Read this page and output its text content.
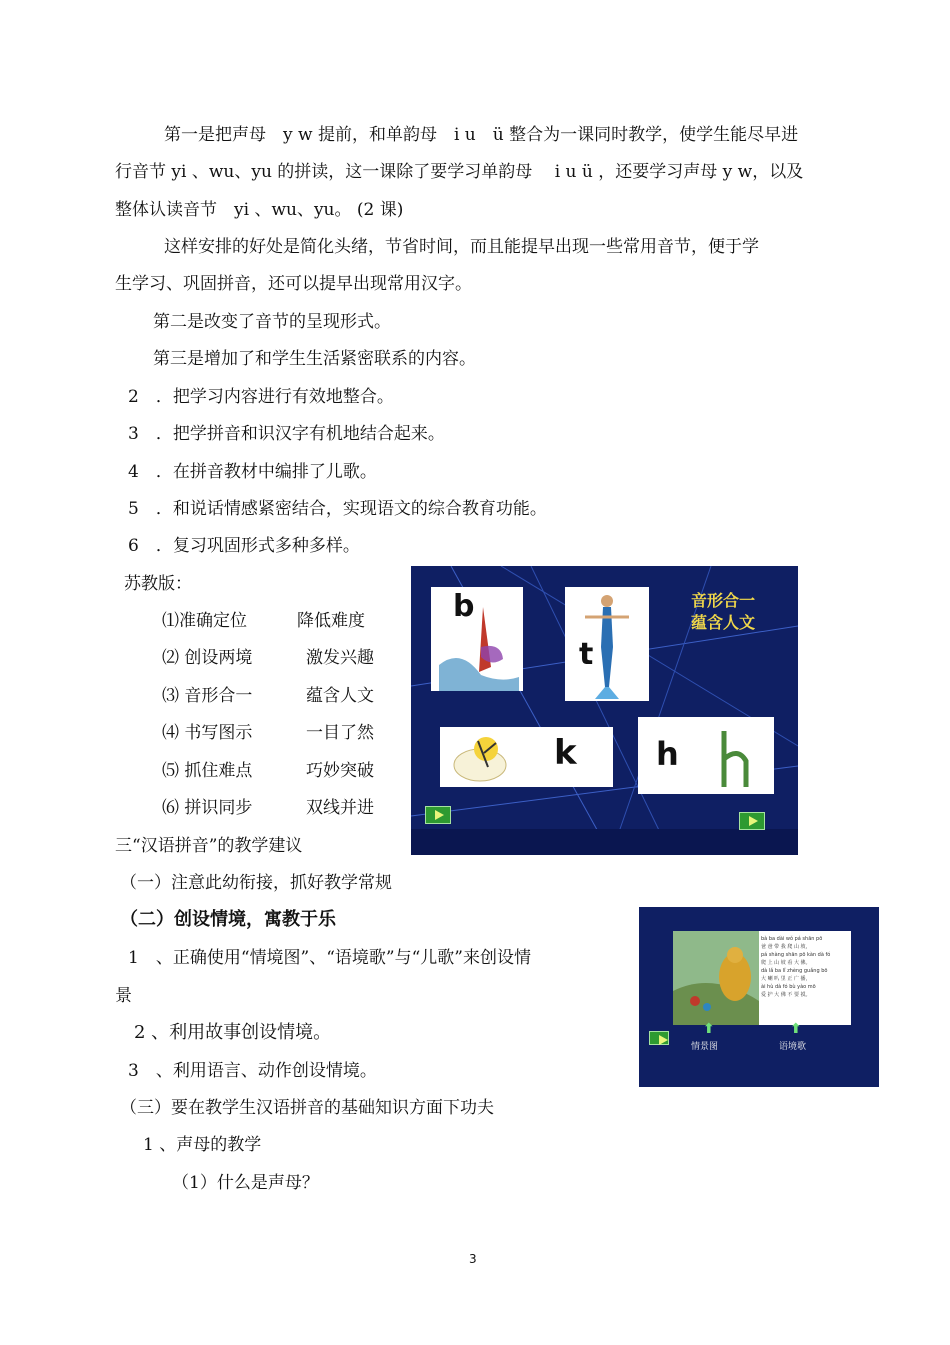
第一是把声母　y w 提前，和单韵母　i u　ü 整合为一课同时教学，使学生能尽早进
行音节 yi 、wu、yu 的拼读，这一课除了要学习单韵母　 i u ü ，还要学习声母 y w，以及
整体认读音节　yi 、wu、yu。 (2 课)
这样安排的好处是简化头绪，节省时间，而且能提早出现一些常用音节，便于学
生学习、巩固拼音，还可以提早出现常用汉字。
第二是改变了音节的呈现形式。
第三是增加了和学生生活紧密联系的内容。
2　．把学习内容进行有效地整合。
3　．把学拼音和识汉字有机地结合起来。
4　．在拼音教材中编排了儿歌。
5　．和说话情感紧密结合，实现语文的综合教育功能。
6　．复习巩固形式多种多样。
苏教版：
⑴准确定位	降低难度
⑵ 创设两境	激发兴趣
⑶ 音形合一	蕴含人文
⑷ 书写图示	一目了然
⑸ 抓住难点	巧妙突破
⑹ 拼识同步	双线并进
三“汉语拼音”的教学建议
（一）注意此幼衔接，抓好教学常规
（二）创设情境，寓教于乐
1　、正确使用“情境图”、“语境歌”与“儿歌”来创设情
景
2 、利用故事创设情境。
3　、利用语言、动作创设情境。
（三）要在教学生汉语拼音的基础知识方面下功夫
1 、声母的教学
（1）什么是声母？
b
t
音形合一
蕴含人文
k h
bà ba dài wǒ pá shān pō
爸 爸 带 我 爬 山 坡，
pá shàng shān pō kàn dà fó
爬 上 山 坡 看 大 佛。
dà lǎ ba lǐ zhèng guǎng bō
大 喇 叭 里 正 广 播，
ài hù dà fó bù yào mō
爱 护 大 佛 不 要 摸。
⬆	⬆
情景图	语境歌
3
